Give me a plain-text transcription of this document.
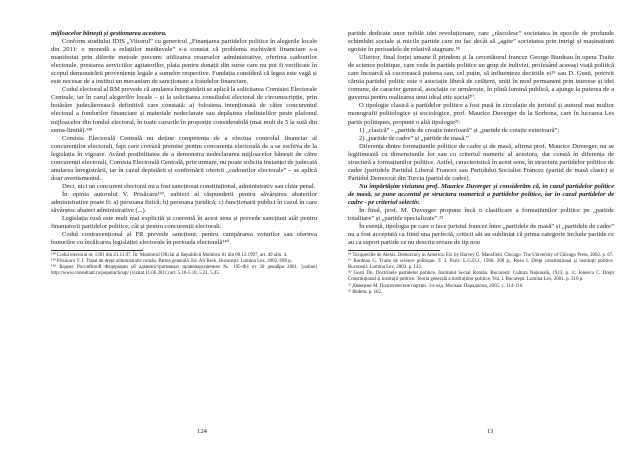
mijloacelor bănești și gestionarea acestora.

Conform studiului IDIS „Viitorul” cu genericul „Finanțarea partidelor politice în alegerile locale din 2011: o monedă a relațiilor medievale” s-a constat că problema eschivării financiare s-a manifestat prin diferite metode precum: utilizarea resurselor administrative, oferirea cadourilor electorale, prestarea serviciilor agitatorilor, plata pentru donații din surse care nu pot fi verificate în scopul demonstrării proveniențe legale a sumelor respective. Fundația consideră că legea este vagă și este necesar de a institui un mecanism de sancționare a fraudelor financiare.

Codul electoral al RM prevede că anularea înregistrării se aplică la solicitarea Comisiei Electorale Centrale, iar în cazul alegerilor locale – și la solicitarea consiliului electoral de circumscripție, prin hotărâre judecătorească definitivă care constată: a) folosirea intenționată de către concurentul electoral a fondurilor financiare și materiale nedeclarate sau depășirea cheltuielilor peste plafonul mijloacelor din fondul electoral, în toate cazurile în proporție considerabilă (mai mult de 5 la sută din suma-limită).¹³⁸

Comisia Electorală Centrală nu deține competența de a efectua controlul financiar al concurenților electorali, fapt care creează premise pentru concurența electorală de a se eschiva de la legislația în vigoare. Având posibilitatea de a demonstra nedeclararea mijloacelor bănești de către concurenții electorali, Comisia Electorală Centrală, prin urmare, nu poate solicita instanței de judecată anularea înregistrării, iar în cazul depistării și confirmării oferirii „cadourilor electorale” – se aplică doar avertismentul.

Deci, nici un concurent electoral nu a fost sancționat constituțional, administrativ sau chiar penal.

În opinia autorului V. Prisăcaru¹³⁹, subiect al răspunderii pentru săvârșirea abaterilor administrative poate fi: a) persoana fizică; b) persoana juridică; c) funcționarii publici în cazul în care săvârșesc abateri administrative (...).

Legislația rusă este mult mai explicită și coerentă în acest sens și prevede sancțiuni atât pentru finanțatorii partidelor politice, cât și pentru concurenții electorali.

Codul contravențional al FR prevede sancțiuni: pentru cumpărarea voturilor sau oferirea bunurilor cu încălcarea legislației electorale în perioada electorală¹⁴⁰.

¹³⁸ Codul electoral nr. 1381 din 21.11.97. În: Monitorul Oficial al Republicii Moldova 81 din 08.12.1997, art. 49 alin. 4.

¹³⁹ Prisăcaru V. I. Tratat de drept administrativ român. Partea generală. Ed. All Beck, București: Lumina Lex, 2002. 698 p.

¹⁴⁰ Кодекс Российской Федерации об административных правонарушениях № 195-ФЗ от 30 декабря 2001. [online] http://www.consultant.ru/popular/koap/ (vizitat 11.06.2011) art. 5.16-5.18, 5.21, 5.45.

partide dedicate unor nobile idei revoluționare, care „răscolesc” societatea în epocile de profunde schimbări sociale și micile partide care nu fac decât să „agite” societatea prin intrigi și mașinațiuni egoiste în perioadele de relativă stagnare.¹⁸

Ulterior, final forței umane îl prindem și la cercetătorul francez George Burdeau în opera Traite de science politique, care vede în partide politice un grup de indivizi, profesând aceeași viață politică care încearcă să cucerească puterea sau, cel puțin, să influențeze deciziile ei¹⁹ sau D. Gusti, potrivit căruia partidul politic este o asociație liberă de cetățeni, uniți în mod permanent prin interese și idei comune, de caracter general, asociație ce urmărește, în plină lumină publică, a ajunge la puterea de a guverna pentru realizarea unui ideal etic social²⁰.

O tipologie clasică a partidelor politice a fost pusă în circulație de juristul și autorul mai multor monografii politologice și sociologice, prof. Maurice Duverger de la Sorbona, care în lucrarea Les partis politiques, propune o altă tipologie²¹:

1) „clasică” - „partide de creație interioară” și „partide de creație exterioară”;

2) „partide de cadre” și „partide de masă.”

Diferența dintre formațiunile politice de cadre și de masă, afirma prof. Maurice Duverger, nu se legitimează cu dimensiunile lor sau cu criteriul numeric al acestora, dar constă în diferența de structură a formațiunilor politice. Astfel, caracteristică în acest sens, în structura partidelor politice de cadre (partidele Partidul Liberal Francez sau Partidului Socialist Francez (partid de masă clasic) și Partidul Democrat din Turcia (partid de cadre).

Nu împărtășim viziunea prof. Maurice Duverger și considerăm că, în cazul partidelor politice de masă, se pune accentul pe structura numerică a partidelor politice, iar în cazul partidelor de cadre - pe criteriul selectiv.

În final, prof. M. Duverger propune încă o clasificare a formațiunilor politice pe „partide totalitare” și „partide specializate”.²²

În esență, tipologia pe care o face juristul francez între „partidele de masă” și „partidele de cadre” nu a fost acceptată ca fiind una perfectă, criticii săi au subliniat că prima categorie include partide ce au ca suport partide ce nu descriu eroare de tip nou

¹⁸ Tocqueville de Alexis. Democracy in America. Ed. by Harvey C. Mansfield. Chicago: The University of Chicago Press, 2002. p. 67.

¹⁹ Burdeau G. Traite de science politique. T. 3. Paris: L.G.D.J., 1968. 208 p.; Rusu I. Drept constituțional și instituții politice. București: Lumina Lex, 2003. p. 142.

²⁰ Gusti Dn. Doctrinele partidelor politice, Institutul Social Român. București: Cultura Națională, 1923, p. 4.; Ionescu C. Drept Constituțional și instituții politice. Teoria generală a instituțiilor politice. Vol. I. București: Lumina Lex, 2001. p. 310 p.

²¹ Дюверже М. Политические партии. 3-е изд. Москва: Парадигма, 2005. с. 114-116.

²² Ibidem, p. 162.

124	13
